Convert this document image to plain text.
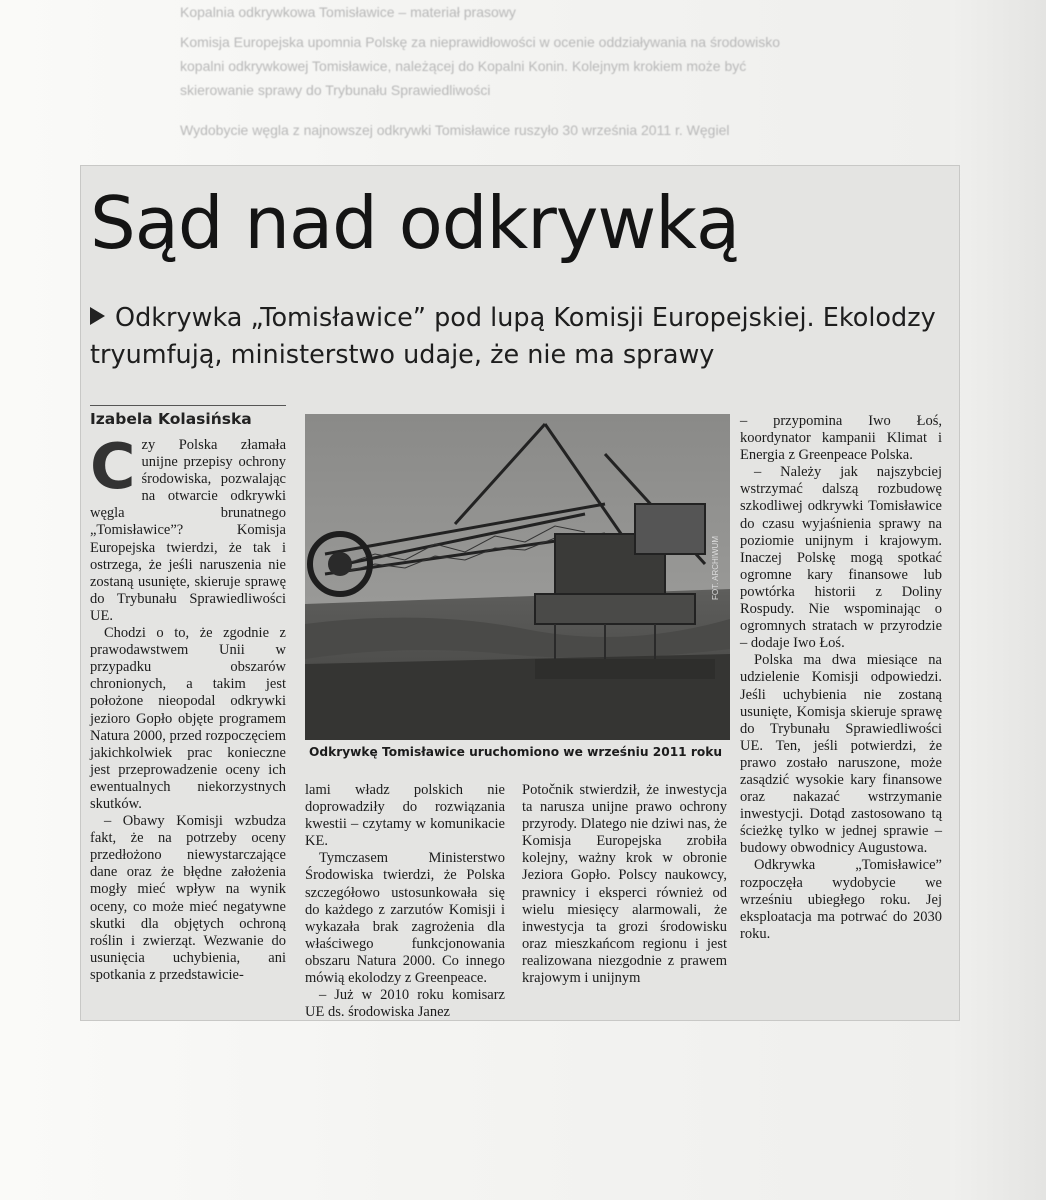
Kopalnia odkrywkowa Tomisławice – materiał prasowy
Komisja Europejska upomnia Polskę za nieprawidłowości w ocenie oddziaływania na środowisko
kopalni odkrywkowej Tomisławice, należącej do Kopalni Konin. Kolejnym krokiem może być
skierowanie sprawy do Trybunału Sprawiedliwości
Wydobycie węgla z najnowszej odkrywki Tomisławice ruszyło 30 września 2011 r. Węgiel
Sąd nad odkrywką
Odkrywka „Tomisławice” pod lupą Komisji Europejskiej. Ekolodzy tryumfują, ministerstwo udaje, że nie ma sprawy
Izabela Kolasińska

Czy Polska złamała unijne przepisy ochrony środowiska, pozwalając na otwarcie odkrywki węgla brunatnego „Tomisławice”? Komisja Europejska twierdzi, że tak i ostrzega, że jeśli naruszenia nie zostaną usunięte, skieruje sprawę do Trybunału Sprawiedliwości UE.

Chodzi o to, że zgodnie z prawodawstwem Unii w przypadku obszarów chronionych, a takim jest położone nieopodal odkrywki jezioro Gopło objęte programem Natura 2000, przed rozpoczęciem jakichkolwiek prac konieczne jest przeprowadzenie oceny ich ewentualnych niekorzystnych skutków.

– Obawy Komisji wzbudza fakt, że na potrzeby oceny przedłożono niewystarczające dane oraz że błędne założenia mogły mieć wpływ na wynik oceny, co może mieć negatywne skutki dla objętych ochroną roślin i zwierząt. Wezwanie do usunięcia uchybienia, ani spotkania z przedstawicie-

FOT. ARCHIWUM
Odkrywkę Tomisławice uruchomiono we wrześniu 2011 roku

lami władz polskich nie doprowadziły do rozwiązania kwestii – czytamy w komunikacie KE.

Tymczasem Ministerstwo Środowiska twierdzi, że Polska szczegółowo ustosunkowała się do każdego z zarzutów Komisji i wykazała brak zagrożenia dla właściwego funkcjonowania obszaru Natura 2000. Co innego mówią ekolodzy z Greenpeace.

– Już w 2010 roku komisarz UE ds. środowiska Janez

Potočnik stwierdził, że inwestycja ta narusza unijne prawo ochrony przyrody. Dlatego nie dziwi nas, że Komisja Europejska zrobiła kolejny, ważny krok w obronie Jeziora Gopło. Polscy naukowcy, prawnicy i eksperci również od wielu miesięcy alarmowali, że inwestycja ta grozi środowisku oraz mieszkańcom regionu i jest realizowana niezgodnie z prawem krajowym i unijnym

– przypomina Iwo Łoś, koordynator kampanii Klimat i Energia z Greenpeace Polska.

– Należy jak najszybciej wstrzymać dalszą rozbudowę szkodliwej odkrywki Tomisławice do czasu wyjaśnienia sprawy na poziomie unijnym i krajowym. Inaczej Polskę mogą spotkać ogromne kary finansowe lub powtórka historii z Doliny Rospudy. Nie wspominając o ogromnych stratach w przyrodzie – dodaje Iwo Łoś.

Polska ma dwa miesiące na udzielenie Komisji odpowiedzi. Jeśli uchybienia nie zostaną usunięte, Komisja skieruje sprawę do Trybunału Sprawiedliwości UE. Ten, jeśli potwierdzi, że prawo zostało naruszone, może zasądzić wysokie kary finansowe oraz nakazać wstrzymanie inwestycji. Dotąd zastosowano tą ścieżkę tylko w jednej sprawie – budowy obwodnicy Augustowa.

Odkrywka „Tomisławice” rozpoczęła wydobycie we wrześniu ubiegłego roku. Jej eksploatacja ma potrwać do 2030 roku.
